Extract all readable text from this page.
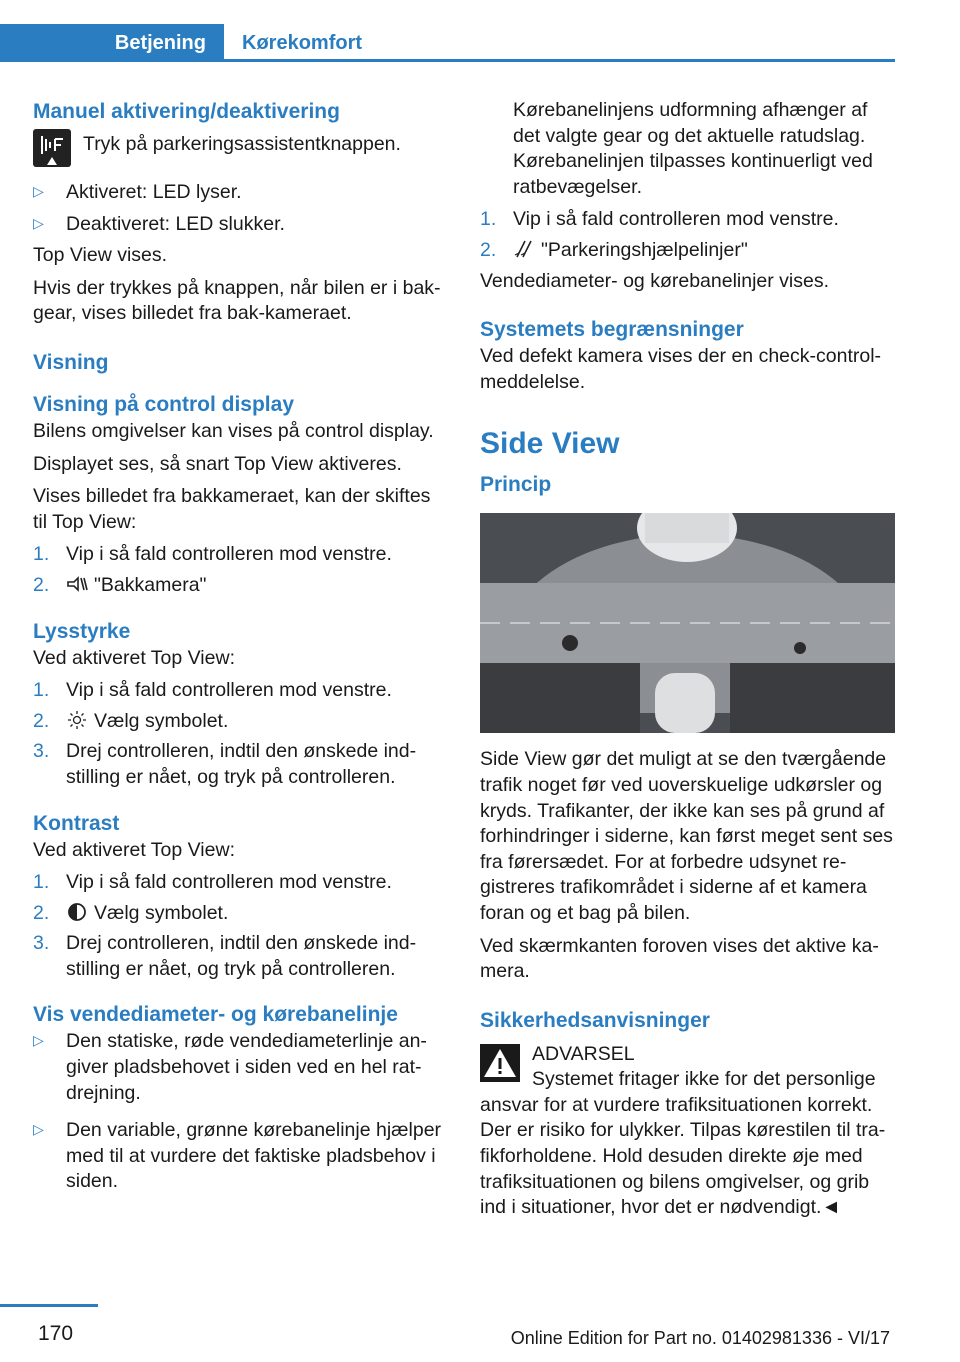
Betjening	Kørekomfort
Manuel aktivering/deaktivering

Tryk på parkeringsassistentknappen.

▷	Aktiveret: LED lyser.
▷	Deaktiveret: LED slukker.

Top View vises.

Hvis der trykkes på knappen, når bilen er i bak‐gear, vises billedet fra bak-kameraet.

Visning
Visning på control display

Bilens omgivelser kan vises på control display.

Displayet ses, så snart Top View aktiveres.

Vises billedet fra bakkameraet, kan der skiftes til Top View:

1. Vip i så fald controlleren mod venstre.
2.	"Bakkamera"
Lysstyrke

Ved aktiveret Top View:

1. Vip i så fald controlleren mod venstre.
2.	Vælg symbolet.
3. Drej controlleren, indtil den ønskede ind‐stilling er nået, og tryk på controlleren.
Kontrast

Ved aktiveret Top View:

1. Vip i så fald controlleren mod venstre.
2.	Vælg symbolet.
3. Drej controlleren, indtil den ønskede ind‐stilling er nået, og tryk på controlleren.
Vis vendediameter- og kørebanelinje
▷	Den statiske, røde vendediameterlinje an‐giver pladsbehovet i siden ved en hel rat‐drejning.
▷	Den variable, grønne kørebanelinje hjælper med til at vurdere det faktiske pladsbehov i siden.

Kørebanelinjens udformning afhænger af det valgte gear og det aktuelle ratudslag. Kørebanelinjen tilpasses kontinuerligt ved ratbevægelser.

1. Vip i så fald controlleren mod venstre.
2.	"Parkeringshjælpelinjer"

Vendediameter- og kørebanelinjer vises.

Systemets begrænsninger

Ved defekt kamera vises der en check-control-meddelelse.

Side View
Princip

Side View gør det muligt at se den tværgående trafik noget før ved uoverskuelige udkørsler og kryds. Trafikanter, der ikke kan ses på grund af forhindringer i siderne, kan først meget sent ses fra førersædet. For at forbedre udsynet re‐gistreres trafikområdet i siderne af et kamera foran og et bag på bilen.

Ved skærmkanten foroven vises det aktive ka‐mera.

Sikkerhedsanvisninger

ADVARSEL

Systemet fritager ikke for det personlige ansvar for at vurdere trafiksituationen korrekt. Der er risiko for ulykker. Tilpas kørestilen til tra‐fikforholdene. Hold desuden direkte øje med trafiksituationen og bilens omgivelser, og grib ind i situationer, hvor det er nødvendigt.◄

170	Online Edition for Part no. 01402981336 - VI/17
